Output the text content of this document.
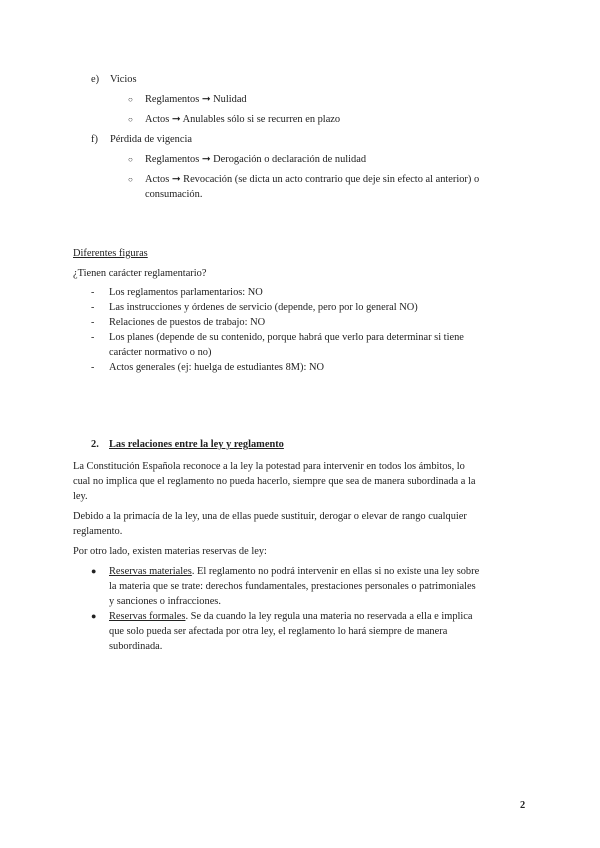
e) Vicios
○ Reglamentos ➞ Nulidad
○ Actos ➞ Anulables sólo si se recurren en plazo
f) Pérdida de vigencia
○ Reglamentos ➞ Derogación o declaración de nulidad
○ Actos ➞ Revocación (se dicta un acto contrario que deje sin efecto al anterior) o
consumación.
Diferentes figuras
¿Tienen carácter reglamentario?
- Los reglamentos parlamentarios: NO
- Las instrucciones y órdenes de servicio (depende, pero por lo general NO)
- Relaciones de puestos de trabajo: NO
- Los planes (depende de su contenido, porque habrá que verlo para determinar si tiene
carácter normativo o no)
- Actos generales (ej: huelga de estudiantes 8M): NO
2. Las relaciones entre la ley y reglamento
La Constitución Española reconoce a la ley la potestad para intervenir en todos los ámbitos, lo
cual no implica que el reglamento no pueda hacerlo, siempre que sea de manera subordinada a la
ley.
Debido a la primacía de la ley, una de ellas puede sustituir, derogar o elevar de rango cualquier
reglamento.
Por otro lado, existen materias reservas de ley:
● Reservas materiales. El reglamento no podrá intervenir en ellas si no existe una ley sobre
la materia que se trate: derechos fundamentales, prestaciones personales o patrimoniales
y sanciones o infracciones.
● Reservas formales. Se da cuando la ley regula una materia no reservada a ella e implica
que solo pueda ser afectada por otra ley, el reglamento lo hará siempre de manera
subordinada.
2
